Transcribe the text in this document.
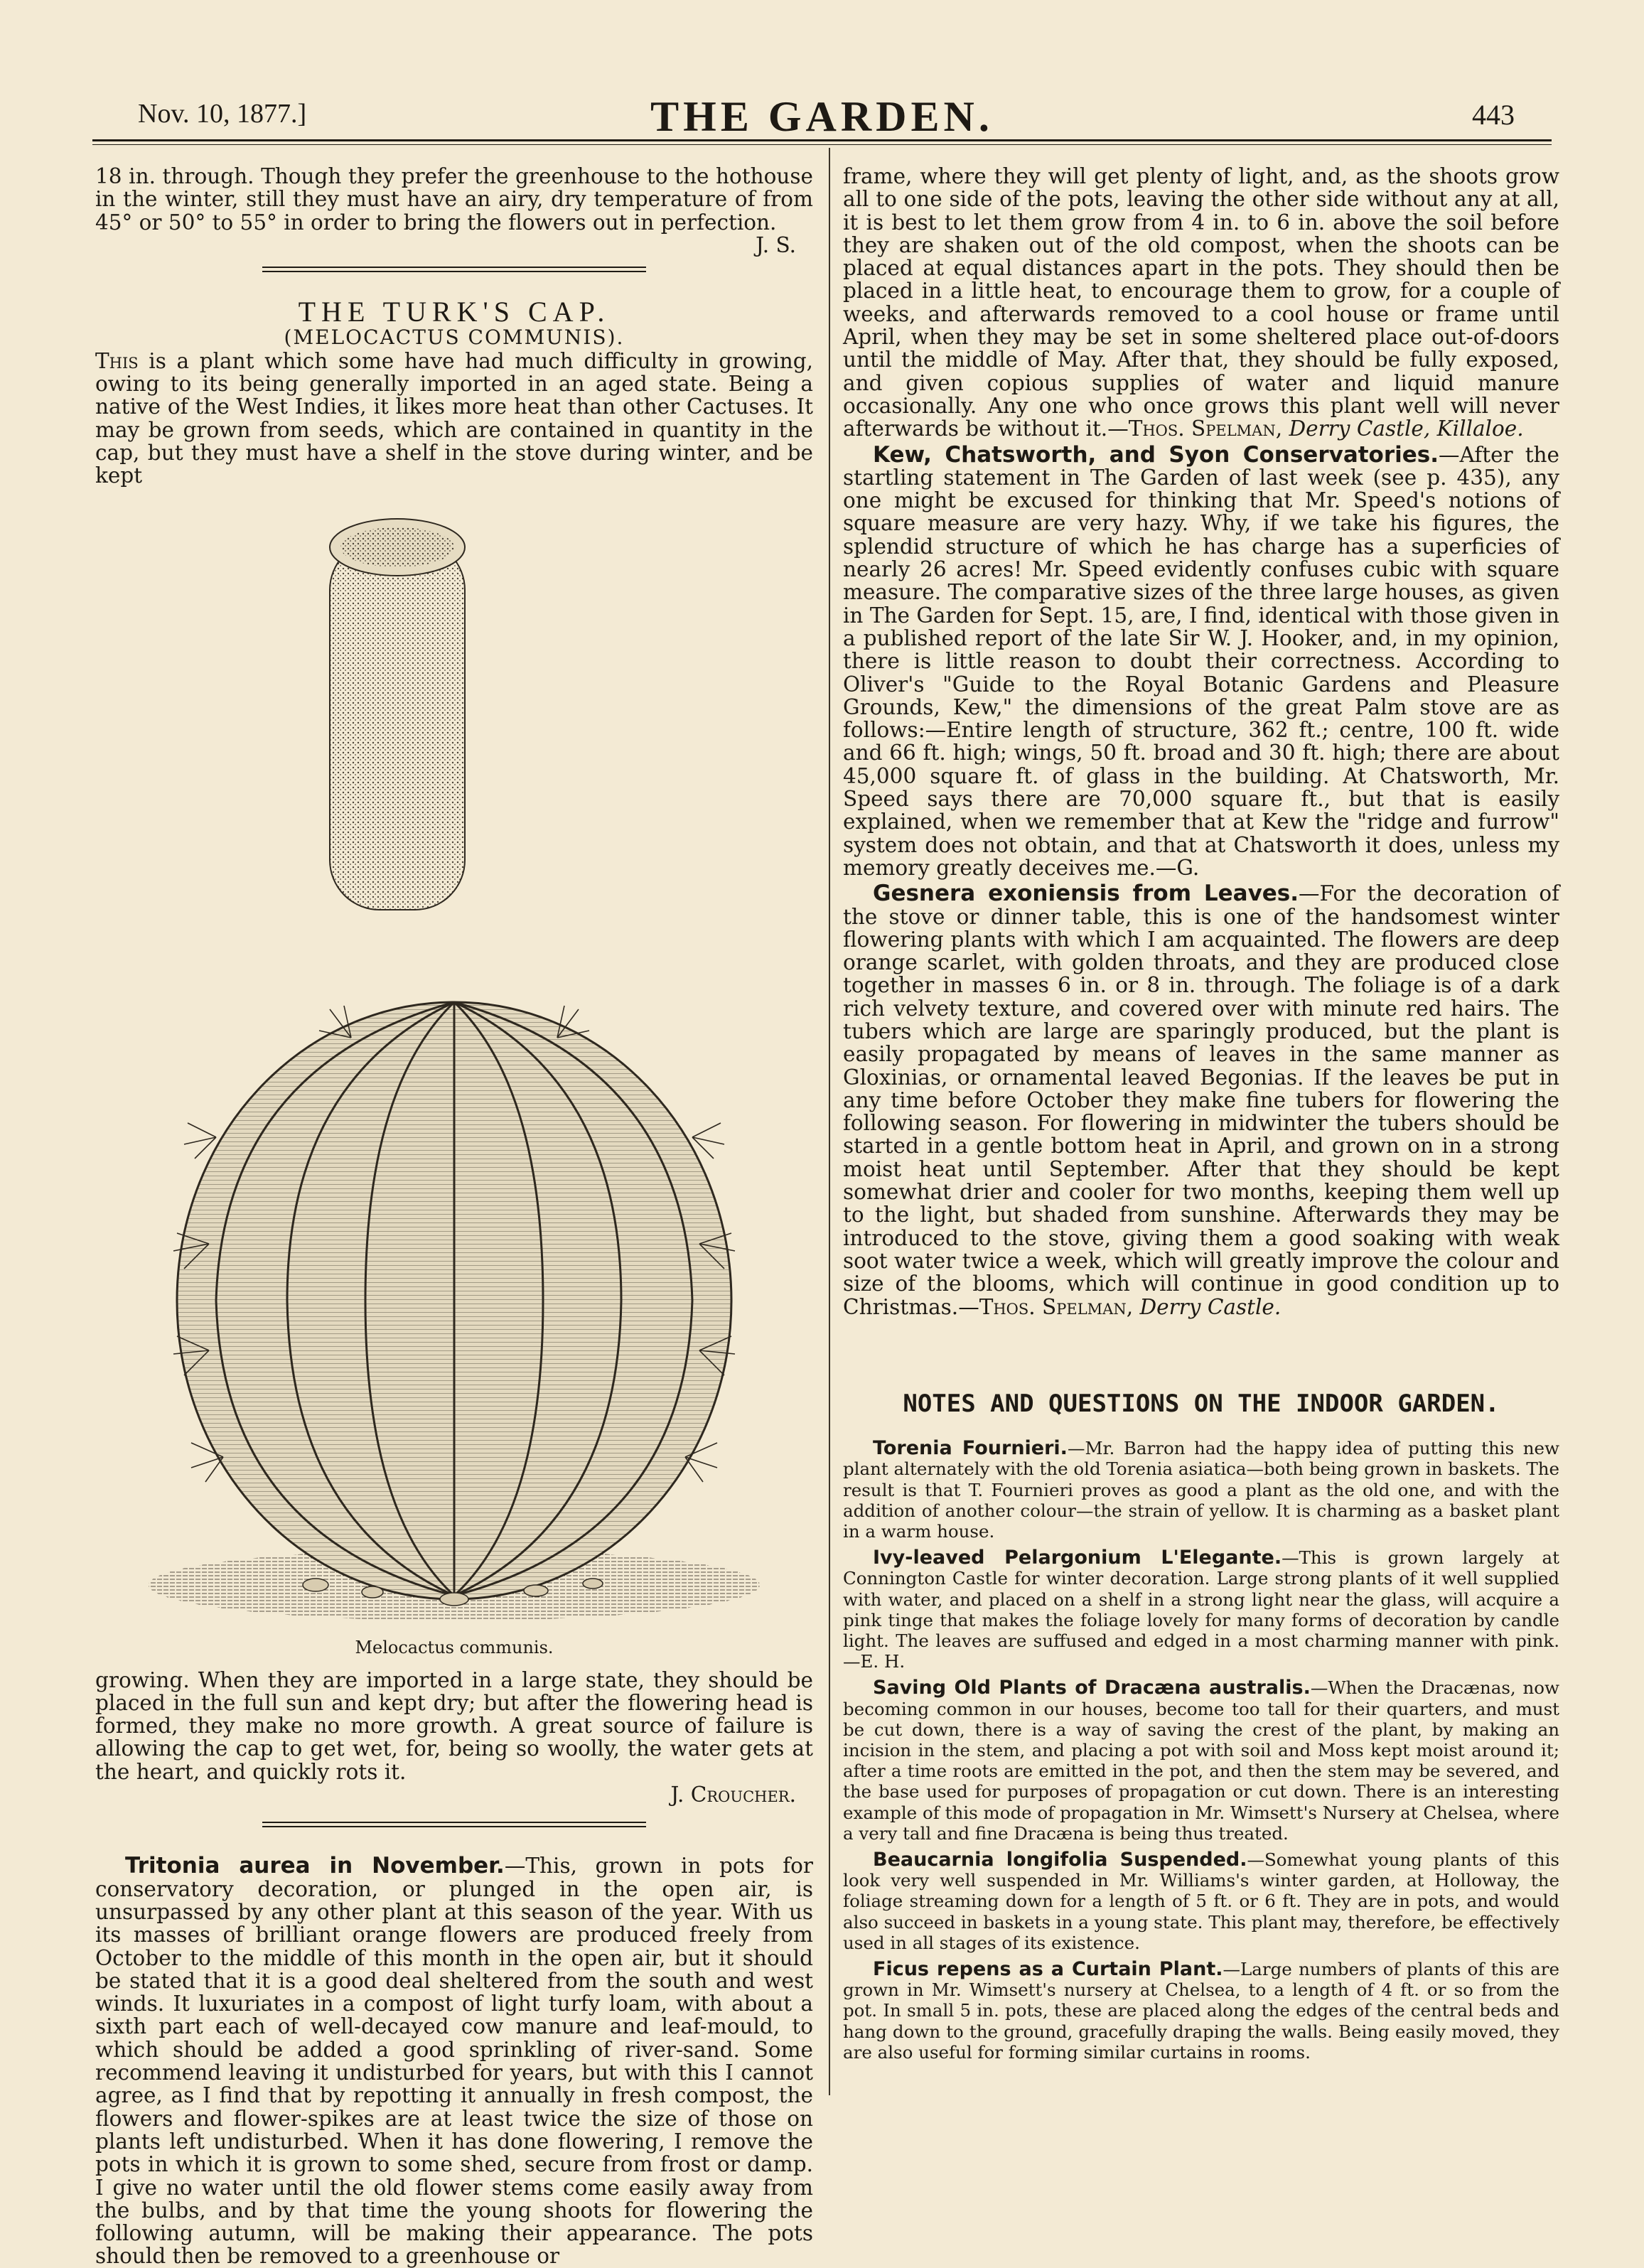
Nov. 10, 1877.]	THE GARDEN.	443

18 in. through. Though they prefer the greenhouse to the hothouse in the winter, still they must have an airy, dry temperature of from 45° or 50° to 55° in order to bring the flowers out in perfection.

J. S.

THE TURK'S CAP.
(MELOCACTUS COMMUNIS).

This is a plant which some have had much difficulty in growing, owing to its being generally imported in an aged state. Being a native of the West Indies, it likes more heat than other Cactuses. It may be grown from seeds, which are contained in quantity in the cap, but they must have a shelf in the stove during winter, and be kept

Melocactus communis.

growing. When they are imported in a large state, they should be placed in the full sun and kept dry; but after the flowering head is formed, they make no more growth. A great source of failure is allowing the cap to get wet, for, being so woolly, the water gets at the heart, and quickly rots it.

J. Croucher.

Tritonia aurea in November.—This, grown in pots for conservatory decoration, or plunged in the open air, is unsurpassed by any other plant at this season of the year. With us its masses of brilliant orange flowers are produced freely from October to the middle of this month in the open air, but it should be stated that it is a good deal sheltered from the south and west winds. It luxuriates in a compost of light turfy loam, with about a sixth part each of well-decayed cow manure and leaf-mould, to which should be added a good sprinkling of river-sand. Some recommend leaving it undisturbed for years, but with this I cannot agree, as I find that by repotting it annually in fresh compost, the flowers and flower-spikes are at least twice the size of those on plants left undisturbed. When it has done flowering, I remove the pots in which it is grown to some shed, secure from frost or damp. I give no water until the old flower stems come easily away from the bulbs, and by that time the young shoots for flowering the following autumn, will be making their appearance. The pots should then be removed to a greenhouse or

frame, where they will get plenty of light, and, as the shoots grow all to one side of the pots, leaving the other side without any at all, it is best to let them grow from 4 in. to 6 in. above the soil before they are shaken out of the old compost, when the shoots can be placed at equal distances apart in the pots. They should then be placed in a little heat, to encourage them to grow, for a couple of weeks, and afterwards removed to a cool house or frame until April, when they may be set in some sheltered place out-of-doors until the middle of May. After that, they should be fully exposed, and given copious supplies of water and liquid manure occasionally. Any one who once grows this plant well will never afterwards be without it.—Thos. Spelman, Derry Castle, Killaloe.

Kew, Chatsworth, and Syon Conservatories.—After the startling statement in The Garden of last week (see p. 435), any one might be excused for thinking that Mr. Speed's notions of square measure are very hazy. Why, if we take his figures, the splendid structure of which he has charge has a superficies of nearly 26 acres! Mr. Speed evidently confuses cubic with square measure. The comparative sizes of the three large houses, as given in The Garden for Sept. 15, are, I find, identical with those given in a published report of the late Sir W. J. Hooker, and, in my opinion, there is little reason to doubt their correctness. According to Oliver's "Guide to the Royal Botanic Gardens and Pleasure Grounds, Kew," the dimensions of the great Palm stove are as follows:—Entire length of structure, 362 ft.; centre, 100 ft. wide and 66 ft. high; wings, 50 ft. broad and 30 ft. high; there are about 45,000 square ft. of glass in the building. At Chatsworth, Mr. Speed says there are 70,000 square ft., but that is easily explained, when we remember that at Kew the "ridge and furrow" system does not obtain, and that at Chatsworth it does, unless my memory greatly deceives me.—G.

Gesnera exoniensis from Leaves.—For the decoration of the stove or dinner table, this is one of the handsomest winter flowering plants with which I am acquainted. The flowers are deep orange scarlet, with golden throats, and they are produced close together in masses 6 in. or 8 in. through. The foliage is of a dark rich velvety texture, and covered over with minute red hairs. The tubers which are large are sparingly produced, but the plant is easily propagated by means of leaves in the same manner as Gloxinias, or ornamental leaved Begonias. If the leaves be put in any time before October they make fine tubers for flowering the following season. For flowering in midwinter the tubers should be started in a gentle bottom heat in April, and grown on in a strong moist heat until September. After that they should be kept somewhat drier and cooler for two months, keeping them well up to the light, but shaded from sunshine. Afterwards they may be introduced to the stove, giving them a good soaking with weak soot water twice a week, which will greatly improve the colour and size of the blooms, which will continue in good condition up to Christmas.—Thos. Spelman, Derry Castle.

NOTES AND QUESTIONS ON THE INDOOR GARDEN.

Torenia Fournieri.—Mr. Barron had the happy idea of putting this new plant alternately with the old Torenia asiatica—both being grown in baskets. The result is that T. Fournieri proves as good a plant as the old one, and with the addition of another colour—the strain of yellow. It is charming as a basket plant in a warm house.

Ivy-leaved Pelargonium L'Elegante.—This is grown largely at Connington Castle for winter decoration. Large strong plants of it well supplied with water, and placed on a shelf in a strong light near the glass, will acquire a pink tinge that makes the foliage lovely for many forms of decoration by candle light. The leaves are suffused and edged in a most charming manner with pink.—E. H.

Saving Old Plants of Dracæna australis.—When the Dracænas, now becoming common in our houses, become too tall for their quarters, and must be cut down, there is a way of saving the crest of the plant, by making an incision in the stem, and placing a pot with soil and Moss kept moist around it; after a time roots are emitted in the pot, and then the stem may be severed, and the base used for purposes of propagation or cut down. There is an interesting example of this mode of propagation in Mr. Wimsett's Nursery at Chelsea, where a very tall and fine Dracæna is being thus treated.

Beaucarnia longifolia Suspended.—Somewhat young plants of this look very well suspended in Mr. Williams's winter garden, at Holloway, the foliage streaming down for a length of 5 ft. or 6 ft. They are in pots, and would also succeed in baskets in a young state. This plant may, therefore, be effectively used in all stages of its existence.

Ficus repens as a Curtain Plant.—Large numbers of plants of this are grown in Mr. Wimsett's nursery at Chelsea, to a length of 4 ft. or so from the pot. In small 5 in. pots, these are placed along the edges of the central beds and hang down to the ground, gracefully draping the walls. Being easily moved, they are also useful for forming similar curtains in rooms.
